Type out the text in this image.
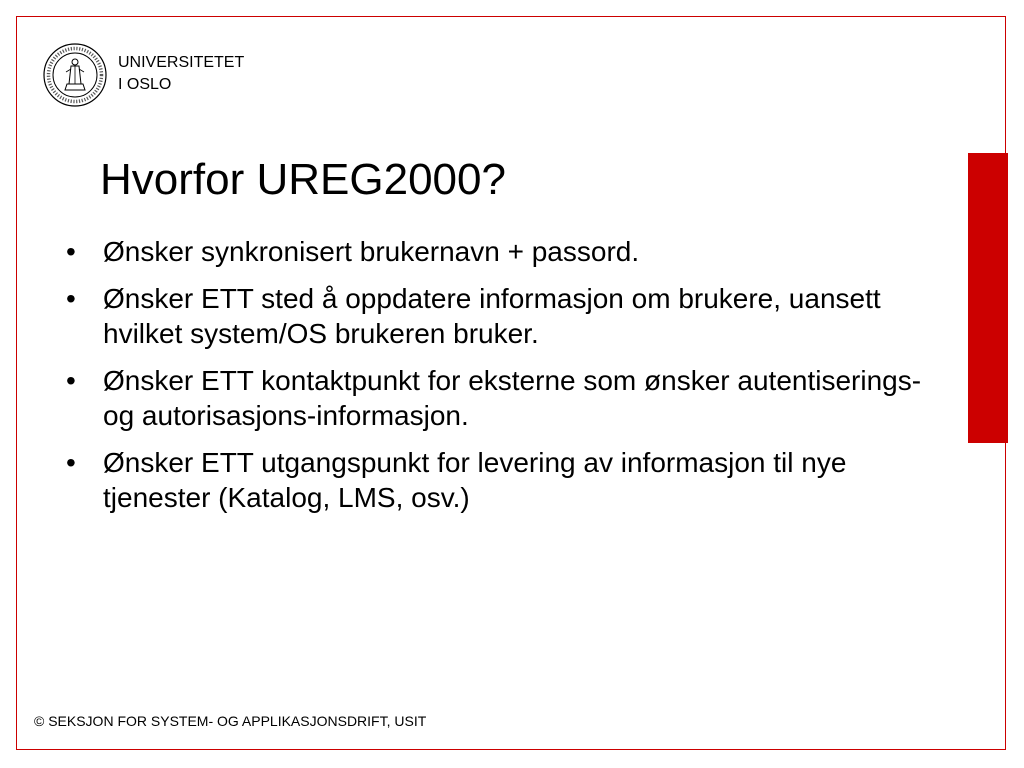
UNIVERSITETET
I OSLO
Hvorfor UREG2000?
• Ønsker synkronisert brukernavn + passord.
• Ønsker ETT sted å oppdatere informasjon om brukere, uansett hvilket system/OS brukeren bruker.
• Ønsker ETT kontaktpunkt for eksterne som ønsker autentiserings- og autorisasjons-informasjon.
• Ønsker ETT utgangspunkt for levering av informasjon til nye tjenester (Katalog, LMS, osv.)
© SEKSJON FOR SYSTEM- OG APPLIKASJONSDRIFT, USIT
